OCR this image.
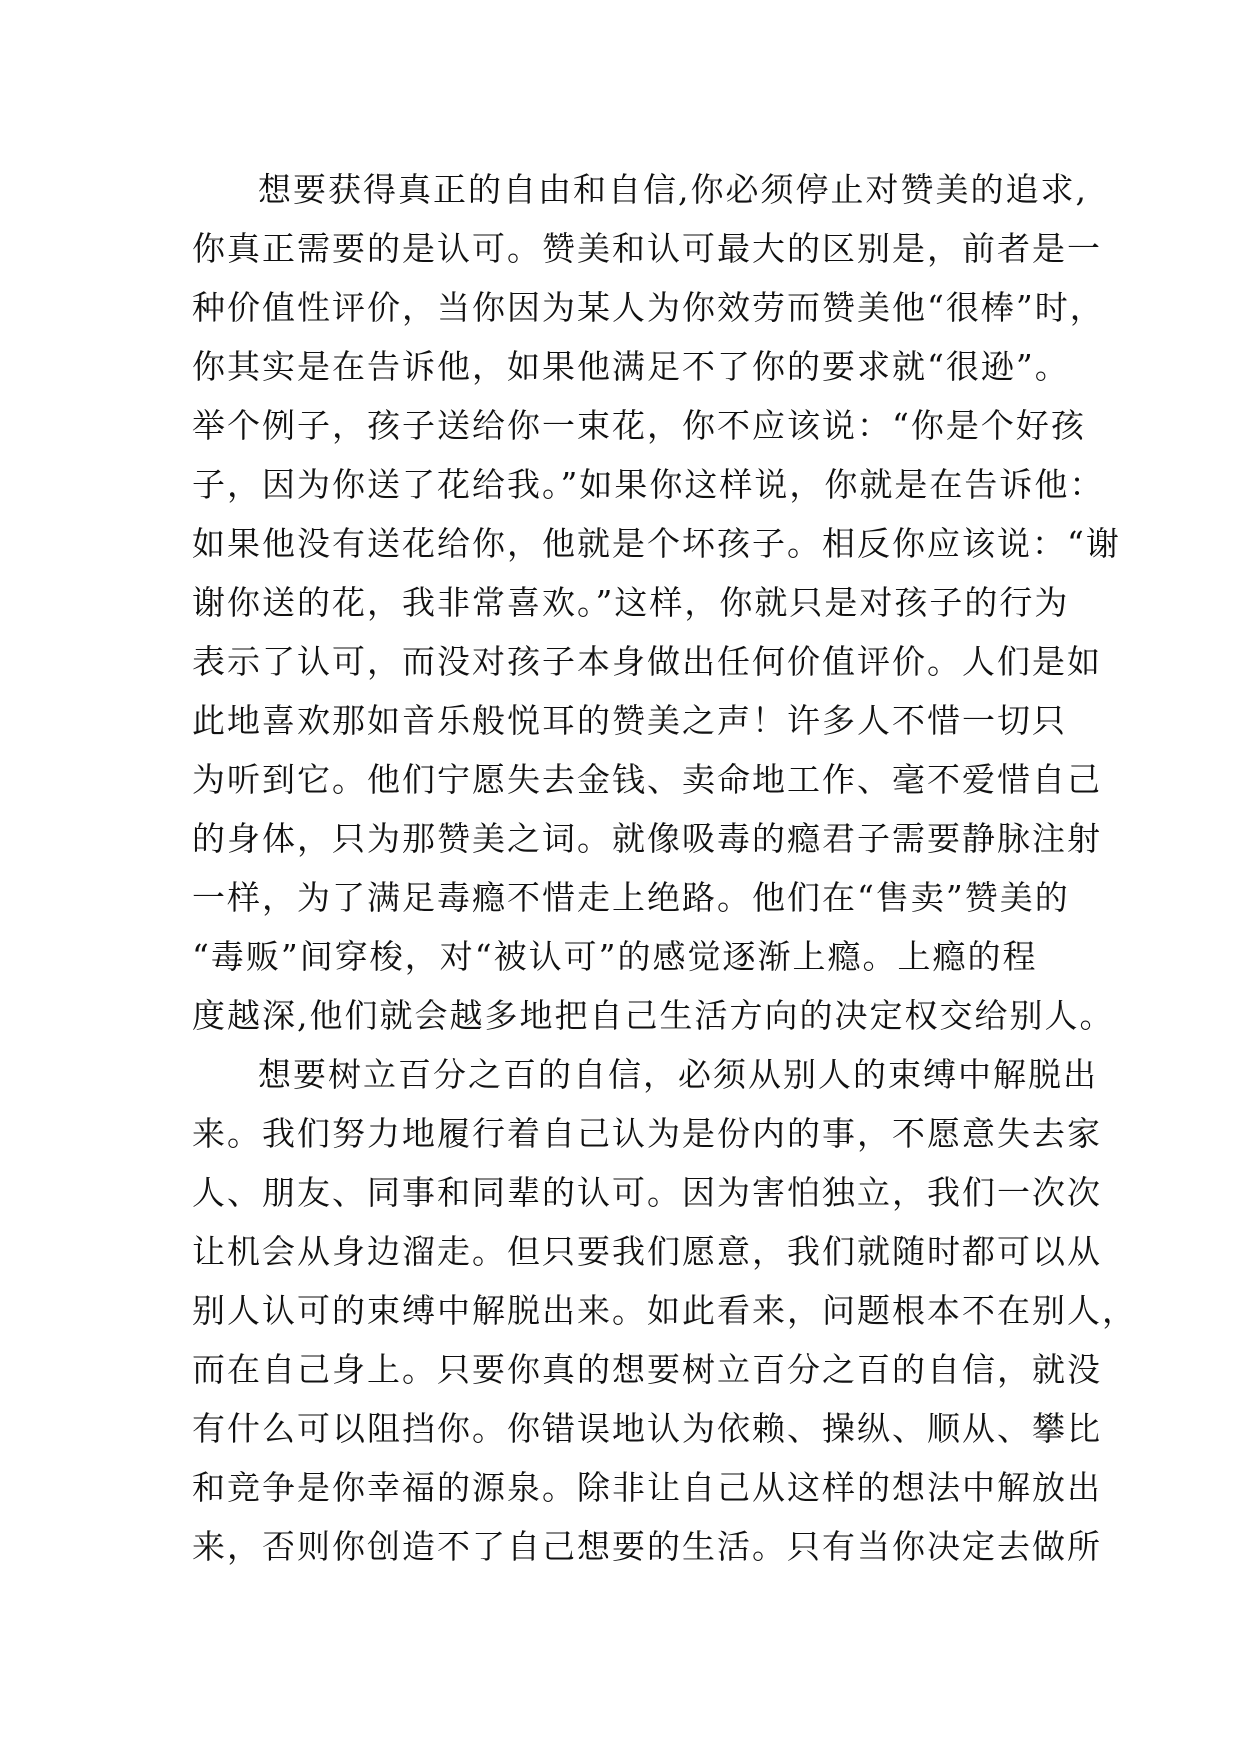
想要获得真正的自由和自信,你必须停止对赞美的追求,
你真正需要的是认可。赞美和认可最大的区别是，前者是一
种价值性评价，当你因为某人为你效劳而赞美他“很棒”时，
你其实是在告诉他，如果他满足不了你的要求就“很逊”。
举个例子，孩子送给你一束花，你不应该说：“你是个好孩
子，因为你送了花给我。”如果你这样说，你就是在告诉他：
如果他没有送花给你，他就是个坏孩子。相反你应该说：“谢
谢你送的花，我非常喜欢。”这样，你就只是对孩子的行为
表示了认可，而没对孩子本身做出任何价值评价。人们是如
此地喜欢那如音乐般悦耳的赞美之声！许多人不惜一切只
为听到它。他们宁愿失去金钱、卖命地工作、毫不爱惜自己
的身体，只为那赞美之词。就像吸毒的瘾君子需要静脉注射
一样，为了满足毒瘾不惜走上绝路。他们在“售卖”赞美的
“毒贩”间穿梭，对“被认可”的感觉逐渐上瘾。上瘾的程
度越深,他们就会越多地把自己生活方向的决定权交给别人。
想要树立百分之百的自信，必须从别人的束缚中解脱出
来。我们努力地履行着自己认为是份内的事，不愿意失去家
人、朋友、同事和同辈的认可。因为害怕独立，我们一次次
让机会从身边溜走。但只要我们愿意，我们就随时都可以从
别人认可的束缚中解脱出来。如此看来，问题根本不在别人，
而在自己身上。只要你真的想要树立百分之百的自信，就没
有什么可以阻挡你。你错误地认为依赖、操纵、顺从、攀比
和竞争是你幸福的源泉。除非让自己从这样的想法中解放出
来，否则你创造不了自己想要的生活。只有当你决定去做所
